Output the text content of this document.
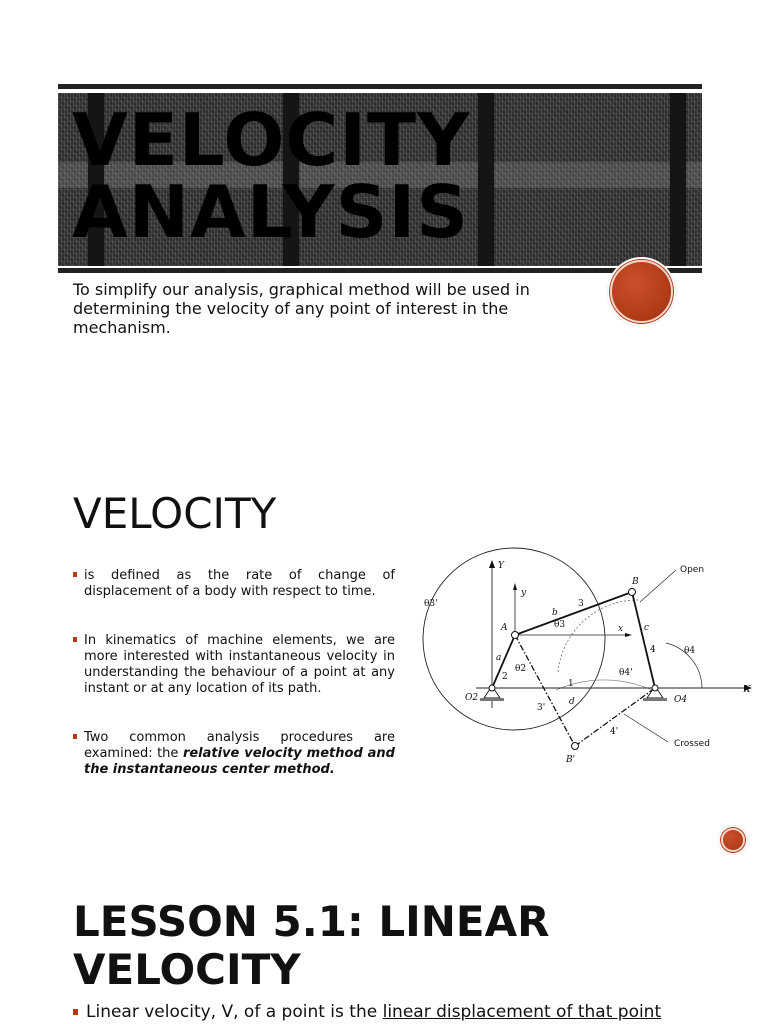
VELOCITY
ANALYSIS

To simplify our analysis, graphical method will be used in determining the velocity of any point of interest in the mechanism.

VELOCITY
is defined as the rate of change of displacement of a body with respect to time.
In kinematics of machine elements, we are more interested with instantaneous velocity in understanding the behaviour of a point at any instant or at any location of its path.
Two common analysis procedures are examined: the relative velocity method and the instantaneous center method.
Y
y
X
x
θ3'
θ3
θ2
θ4
θ4'
A
B
B'
O2	O4
a
b
c
d
1
2
3
4
3'
4'
Open
Crossed
LESSON 5.1: LINEAR
VELOCITY
Linear velocity, V, of a point is the linear displacement of that point
